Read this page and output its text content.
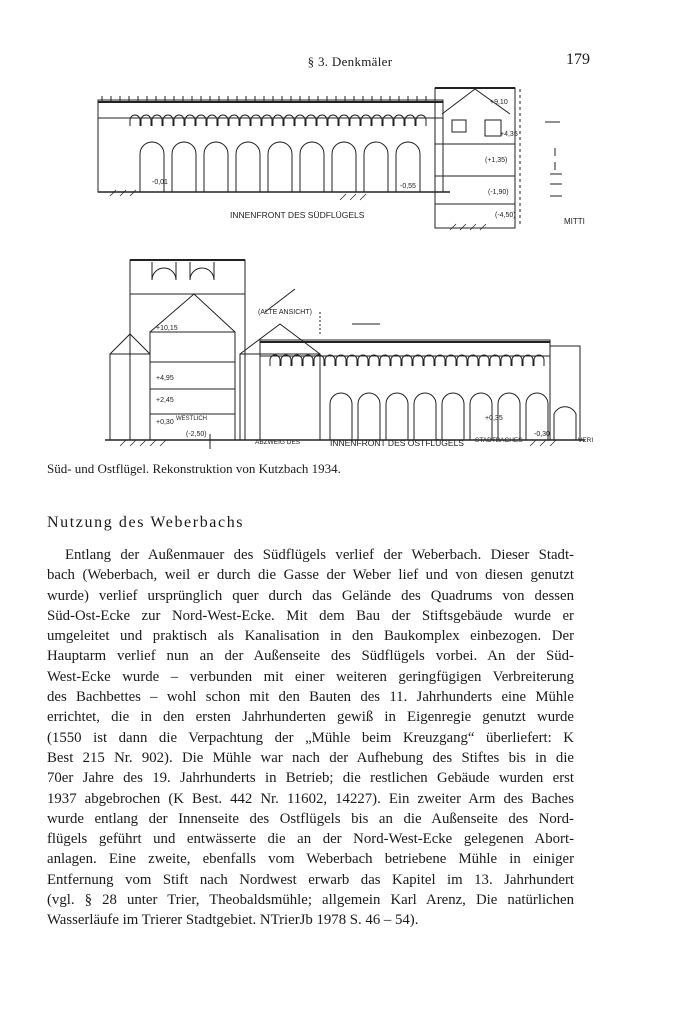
§ 3. Denkmäler	179
INNENFRONT DES SÜDFLÜGELS
MITTI
+9,10
+4,35
(+1,35)
-0,01
-0,55
(-1,90)
(-4,50)
INNENFRONT DES OSTFLÜGELS
(ALTE ANSICHT)
ABZWEIG DES	STADTBACHES
WESTLICH
VERI
+10,15
+4,95
+2,45
+0,30
(-2,50)
+0,35
-0,30
Süd- und Ostflügel. Rekonstruktion von Kutzbach 1934.
Nutzung des Weberbachs
Entlang der Außenmauer des Südflügels verlief der Weberbach. Dieser Stadt-
bach (Weberbach, weil er durch die Gasse der Weber lief und von diesen genutzt
wurde) verlief ursprünglich quer durch das Gelände des Quadrums von dessen
Süd-Ost-Ecke zur Nord-West-Ecke. Mit dem Bau der Stiftsgebäude wurde er
umgeleitet und praktisch als Kanalisation in den Baukomplex einbezogen. Der
Hauptarm verlief nun an der Außenseite des Südflügels vorbei. An der Süd-
West-Ecke wurde – verbunden mit einer weiteren geringfügigen Verbreiterung
des Bachbettes – wohl schon mit den Bauten des 11. Jahrhunderts eine Mühle
errichtet, die in den ersten Jahrhunderten gewiß in Eigenregie genutzt wurde
(1550 ist dann die Verpachtung der „Mühle beim Kreuzgang“ überliefert: K
Best 215 Nr. 902). Die Mühle war nach der Aufhebung des Stiftes bis in die
70er Jahre des 19. Jahrhunderts in Betrieb; die restlichen Gebäude wurden erst
1937 abgebrochen (K Best. 442 Nr. 11602, 14227). Ein zweiter Arm des Baches
wurde entlang der Innenseite des Ostflügels bis an die Außenseite des Nord-
flügels geführt und entwässerte die an der Nord-West-Ecke gelegenen Abort-
anlagen. Eine zweite, ebenfalls vom Weberbach betriebene Mühle in einiger
Entfernung vom Stift nach Nordwest erwarb das Kapitel im 13. Jahrhundert
(vgl. § 28 unter Trier, Theobaldsmühle; allgemein Karl Arenz, Die natürlichen
Wasserläufe im Trierer Stadtgebiet. NTrierJb 1978 S. 46 – 54).
